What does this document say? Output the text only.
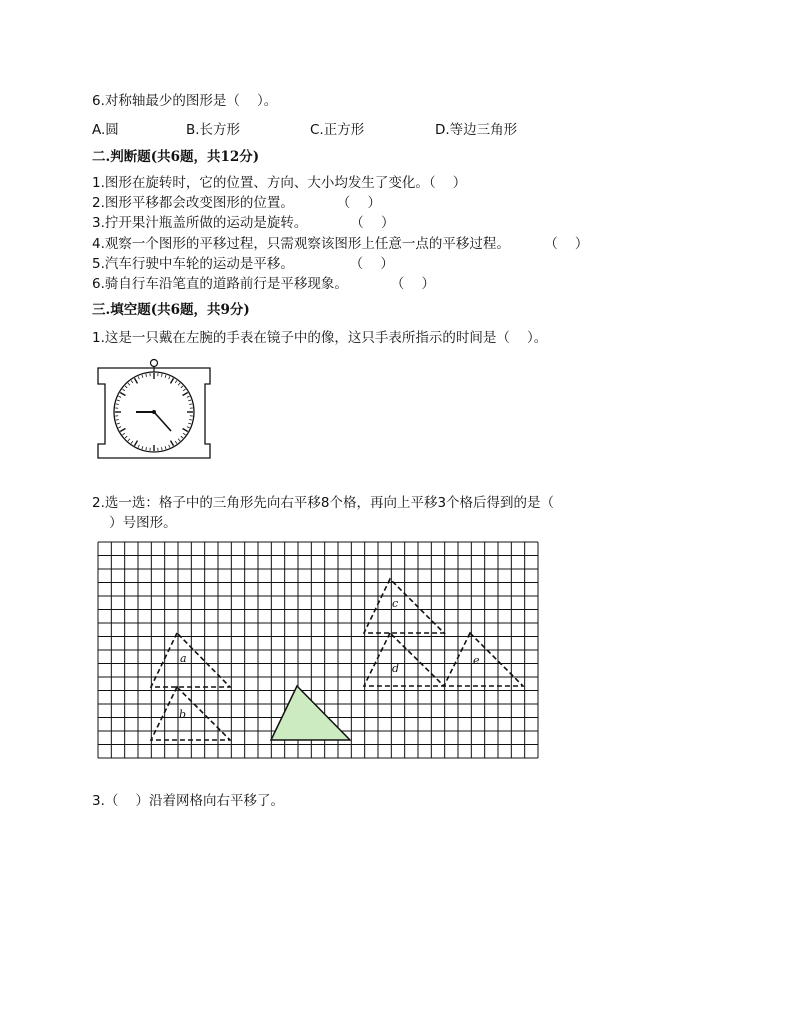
6.对称轴最少的图形是（    ）。
A.圆	B.长方形	C.正方形	D.等边三角形
二.判断题(共6题，共12分)
1.图形在旋转时，它的位置、方向、大小均发生了变化。（    ）
2.图形平移都会改变图形的位置。          （    ）
3.拧开果汁瓶盖所做的运动是旋转。          （    ）
4.观察一个图形的平移过程，只需观察该图形上任意一点的平移过程。        （    ）
5.汽车行驶中车轮的运动是平移。             （    ）
6.骑自行车沿笔直的道路前行是平移现象。          （    ）
三.填空题(共6题，共9分)
1.这是一只戴在左腕的手表在镜子中的像，这只手表所指示的时间是（    ）。
2.选一选：格子中的三角形先向右平移8个格，再向上平移3个格后得到的是（
）号图形。
a
b
c
d
e
3.（    ）沿着网格向右平移了。
